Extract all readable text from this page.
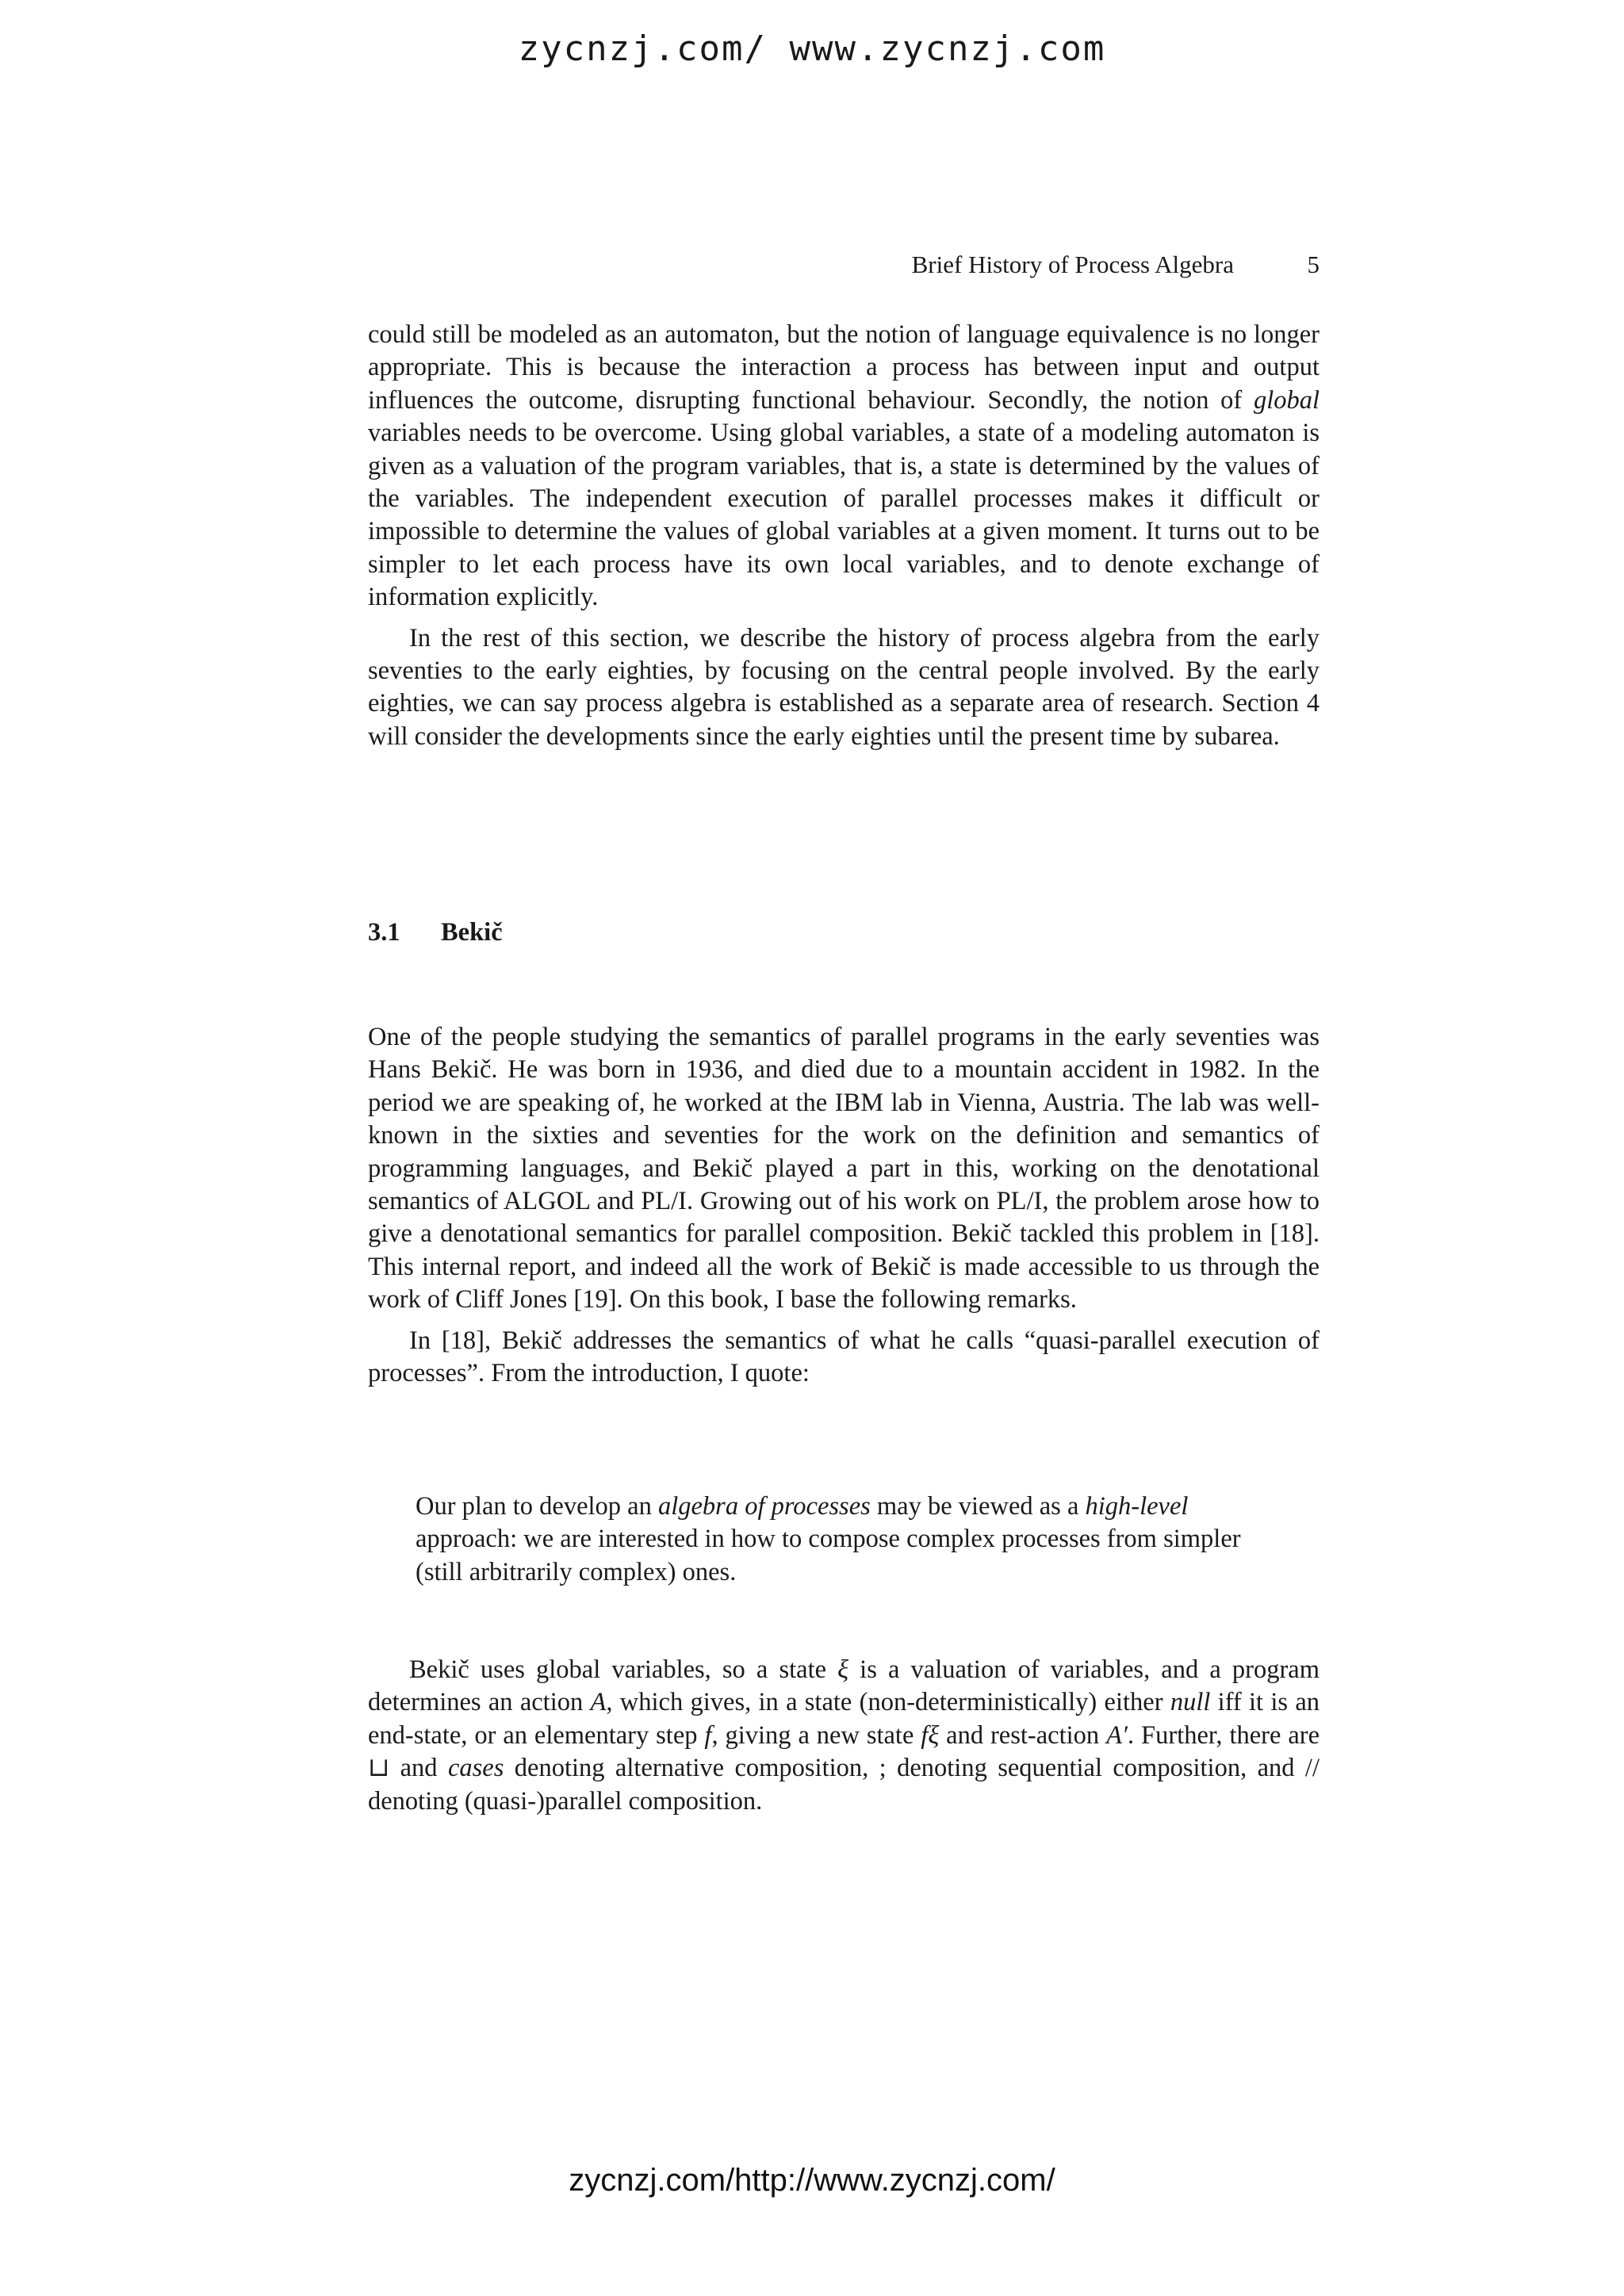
zycnzj.com/ www.zycnzj.com
Brief History of Process Algebra	5

could still be modeled as an automaton, but the notion of language equivalence is no longer appropriate. This is because the interaction a process has between input and output influences the outcome, disrupting functional behaviour. Secondly, the notion of global variables needs to be overcome. Using global variables, a state of a modeling automaton is given as a valuation of the program variables, that is, a state is determined by the values of the variables. The independent execution of parallel processes makes it difficult or impossible to determine the values of global variables at a given moment. It turns out to be simpler to let each process have its own local variables, and to denote exchange of information explicitly.

In the rest of this section, we describe the history of process algebra from the early seventies to the early eighties, by focusing on the central people involved. By the early eighties, we can say process algebra is established as a separate area of research. Section 4 will consider the developments since the early eighties until the present time by subarea.

3.1 Bekič

One of the people studying the semantics of parallel programs in the early seventies was Hans Bekič. He was born in 1936, and died due to a mountain accident in 1982. In the period we are speaking of, he worked at the IBM lab in Vienna, Austria. The lab was well-known in the sixties and seventies for the work on the definition and semantics of programming languages, and Bekič played a part in this, working on the denotational semantics of ALGOL and PL/I. Growing out of his work on PL/I, the problem arose how to give a denotational semantics for parallel composition. Bekič tackled this problem in [18]. This internal report, and indeed all the work of Bekič is made accessible to us through the work of Cliff Jones [19]. On this book, I base the following remarks.

In [18], Bekič addresses the semantics of what he calls “quasi-parallel execution of processes”. From the introduction, I quote:

Our plan to develop an algebra of processes may be viewed as a high-level approach: we are interested in how to compose complex processes from simpler (still arbitrarily complex) ones.

Bekič uses global variables, so a state ξ is a valuation of variables, and a program determines an action A, which gives, in a state (non-deterministically) either null iff it is an end-state, or an elementary step f, giving a new state fξ and rest-action A′. Further, there are ⊔ and cases denoting alternative composition, ; denoting sequential composition, and // denoting (quasi-)parallel composition.

zycnzj.com/http://www.zycnzj.com/
